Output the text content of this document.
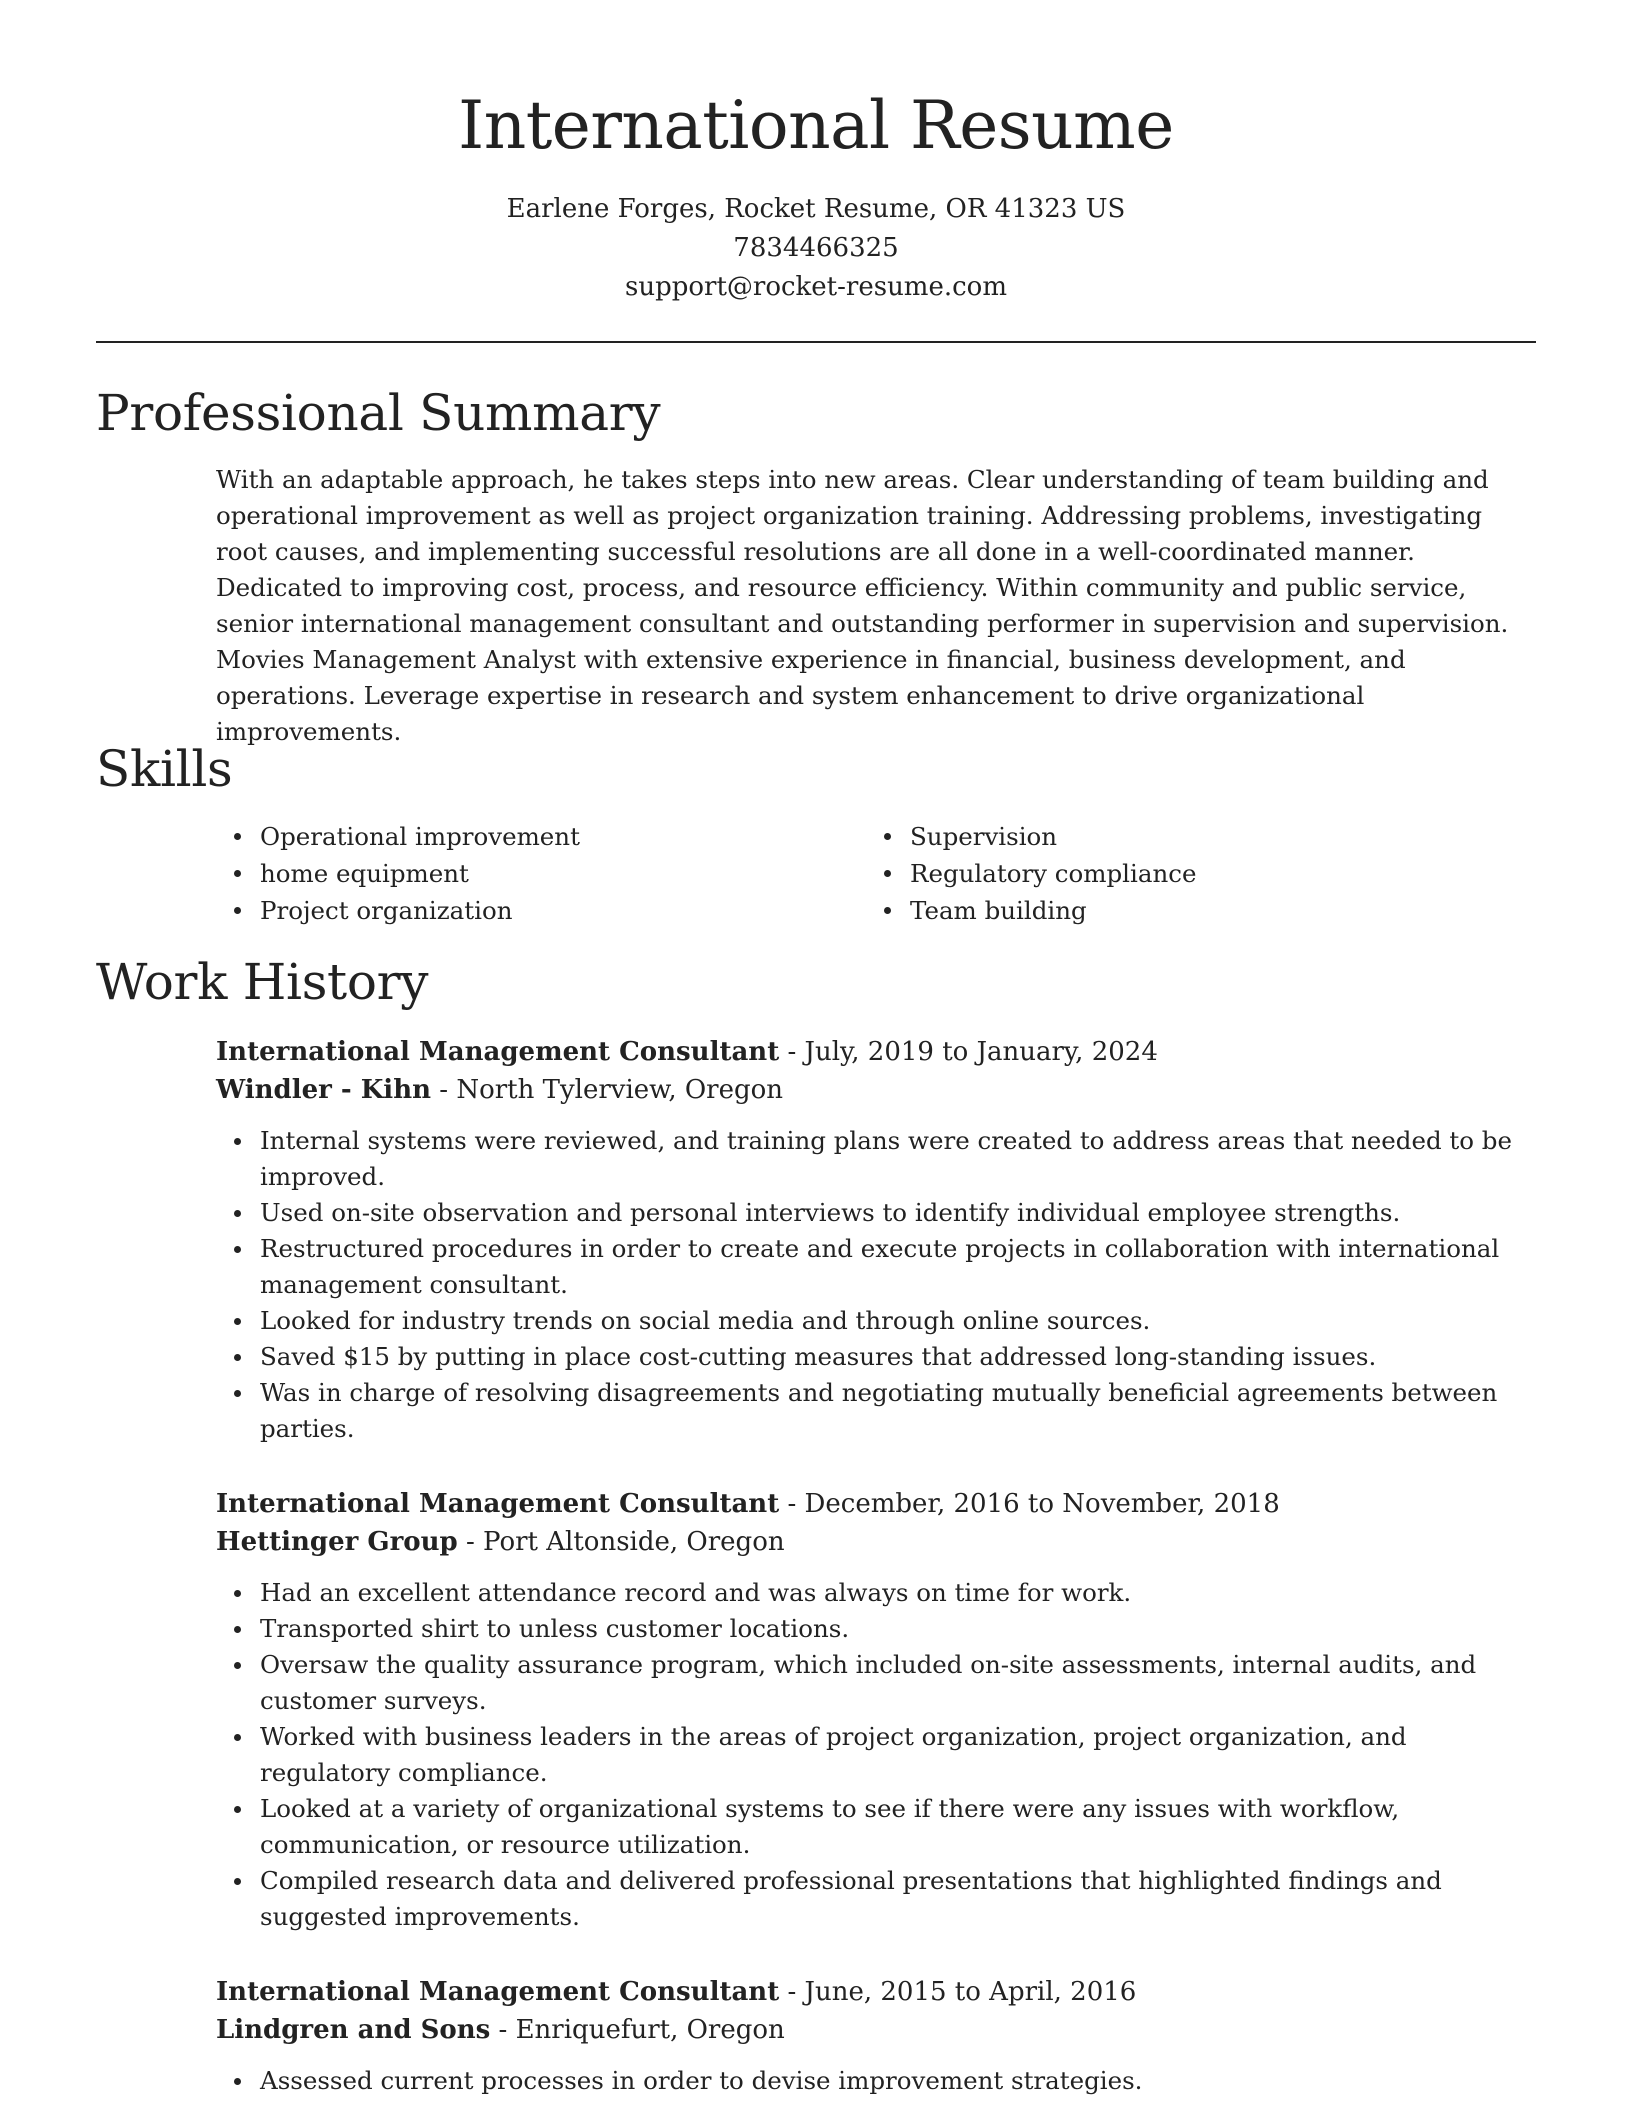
International Resume
Earlene Forges, Rocket Resume, OR 41323 US
7834466325
support@rocket-resume.com
Professional Summary

With an adaptable approach, he takes steps into new areas. Clear understanding of team building and operational improvement as well as project organization training. Addressing problems, investigating root causes, and implementing successful resolutions are all done in a well-coordinated manner. Dedicated to improving cost, process, and resource efficiency. Within community and public service, senior international management consultant and outstanding performer in supervision and supervision. Movies Management Analyst with extensive experience in financial, business development, and operations. Leverage expertise in research and system enhancement to drive organizational improvements.

Skills
Operational improvement
home equipment
Project organization
Supervision
Regulatory compliance
Team building
Work History
International Management Consultant - July, 2019 to January, 2024
Windler - Kihn - North Tylerview, Oregon
Internal systems were reviewed, and training plans were created to address areas that needed to be improved.
Used on-site observation and personal interviews to identify individual employee strengths.
Restructured procedures in order to create and execute projects in collaboration with international management consultant.
Looked for industry trends on social media and through online sources.
Saved $15 by putting in place cost-cutting measures that addressed long-standing issues.
Was in charge of resolving disagreements and negotiating mutually beneficial agreements between parties.
International Management Consultant - December, 2016 to November, 2018
Hettinger Group - Port Altonside, Oregon
Had an excellent attendance record and was always on time for work.
Transported shirt to unless customer locations.
Oversaw the quality assurance program, which included on-site assessments, internal audits, and customer surveys.
Worked with business leaders in the areas of project organization, project organization, and regulatory compliance.
Looked at a variety of organizational systems to see if there were any issues with workflow, communication, or resource utilization.
Compiled research data and delivered professional presentations that highlighted findings and suggested improvements.
International Management Consultant - June, 2015 to April, 2016
Lindgren and Sons - Enriquefurt, Oregon
Assessed current processes in order to devise improvement strategies.
